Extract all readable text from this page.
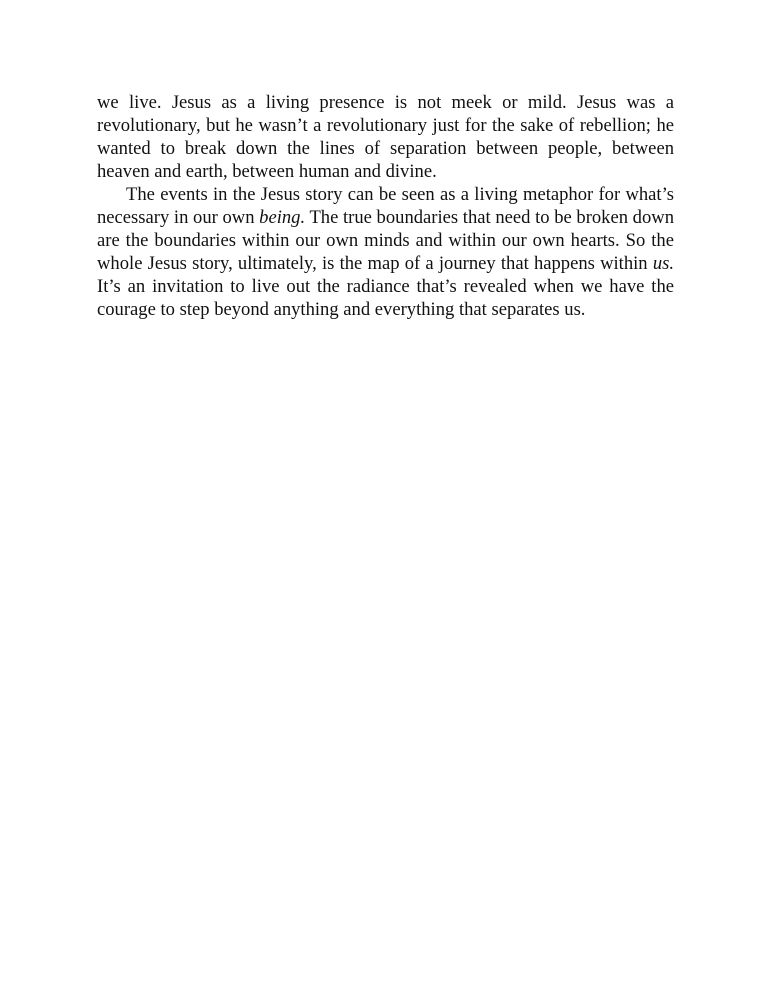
we live. Jesus as a living presence is not meek or mild. Jesus was a revolutionary, but he wasn’t a revolutionary just for the sake of rebellion; he wanted to break down the lines of separation between people, between heaven and earth, between human and divine.

The events in the Jesus story can be seen as a living metaphor for what’s necessary in our own being. The true boundaries that need to be broken down are the boundaries within our own minds and within our own hearts. So the whole Jesus story, ultimately, is the map of a journey that happens within us. It’s an invitation to live out the radiance that’s revealed when we have the courage to step beyond anything and everything that separates us.
